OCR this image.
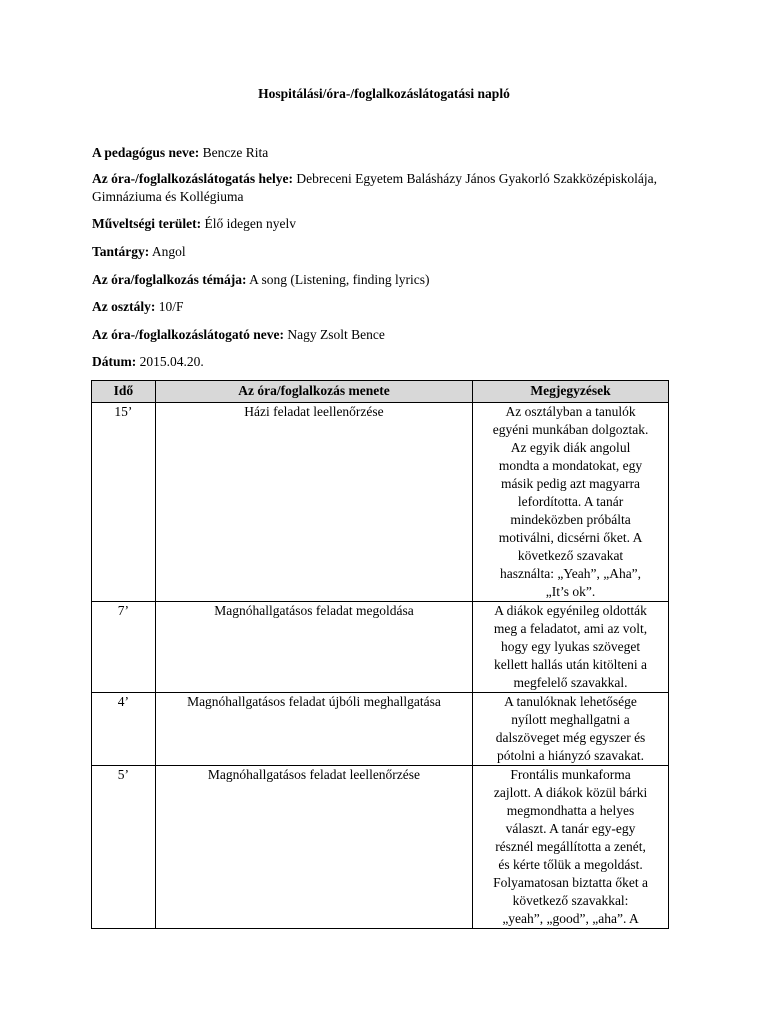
Hospitálási/óra-/foglalkozáslátogatási napló
A pedagógus neve: Bencze Rita
Az óra-/foglalkozáslátogatás helye: Debreceni Egyetem Balásházy János Gyakorló Szakközépiskolája, Gimnáziuma és Kollégiuma
Műveltségi terület: Élő idegen nyelv
Tantárgy: Angol
Az óra/foglalkozás témája: A song (Listening, finding lyrics)
Az osztály: 10/F
Az óra-/foglalkozáslátogató neve: Nagy Zsolt Bence
Dátum: 2015.04.20.
Idő	Az óra/foglalkozás menete	Megjegyzések
15’	Házi feladat leellenőrzése	Az osztályban a tanulók egyéni munkában dolgoztak. Az egyik diák angolul mondta a mondatokat, egy másik pedig azt magyarra lefordította. A tanár mindeközben próbálta motiválni, dicsérni őket. A következő szavakat használta: „Yeah”, „Aha”, „It’s ok”.

7’	Magnóhallgatásos feladat megoldása	A diákok egyénileg oldották meg a feladatot, ami az volt, hogy egy lyukas szöveget kellett hallás után kitölteni a megfelelő szavakkal.

4’	Magnóhallgatásos feladat újbóli meghallgatása	A tanulóknak lehetősége nyílott meghallgatni a dalszöveget még egyszer és pótolni a hiányzó szavakat.

5’	Magnóhallgatásos feladat leellenőrzése	Frontális munkaforma zajlott. A diákok közül bárki megmondhatta a helyes választ. A tanár egy-egy résznél megállította a zenét, és kérte tőlük a megoldást. Folyamatosan biztatta őket a következő szavakkal: „yeah”, „good”, „aha”. A
